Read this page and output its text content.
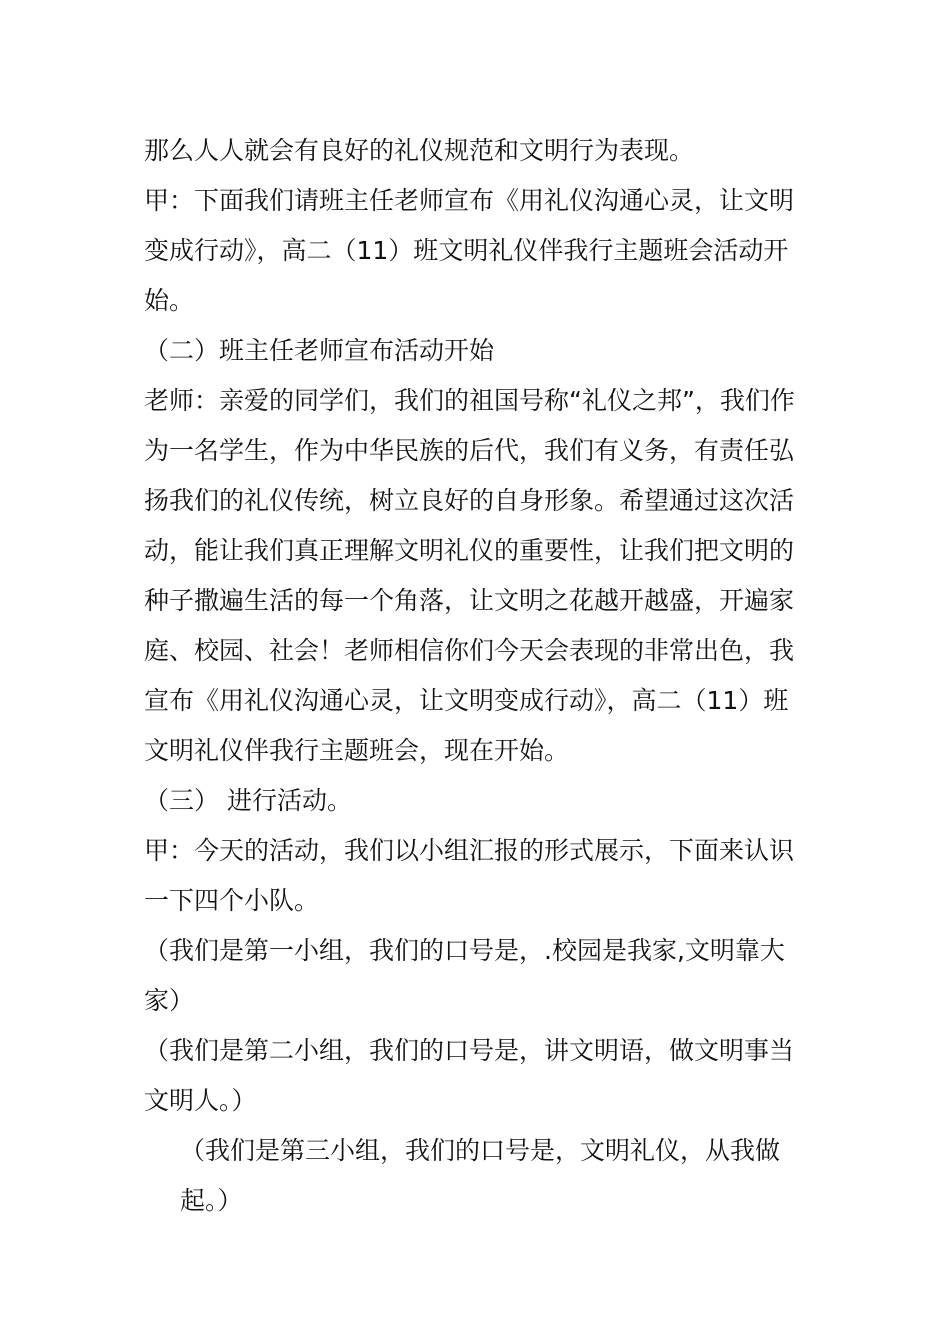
那么人人就会有良好的礼仪规范和文明行为表现。

甲：下面我们请班主任老师宣布《用礼仪沟通心灵，让文明变成行动》，高二（11）班文明礼仪伴我行主题班会活动开始。

（二）班主任老师宣布活动开始

老师：亲爱的同学们，我们的祖国号称“礼仪之邦”，我们作为一名学生，作为中华民族的后代，我们有义务，有责任弘扬我们的礼仪传统，树立良好的自身形象。希望通过这次活动，能让我们真正理解文明礼仪的重要性，让我们把文明的种子撒遍生活的每一个角落，让文明之花越开越盛，开遍家庭、校园、社会！老师相信你们今天会表现的非常出色，我宣布《用礼仪沟通心灵，让文明变成行动》，高二（11）班文明礼仪伴我行主题班会，现在开始。

（三） 进行活动。

甲：今天的活动，我们以小组汇报的形式展示，下面来认识一下四个小队。

（我们是第一小组，我们的口号是，.校园是我家,文明靠大家）

（我们是第二小组，我们的口号是，讲文明语，做文明事当文明人。）

（我们是第三小组，我们的口号是，文明礼仪，从我做起。）
